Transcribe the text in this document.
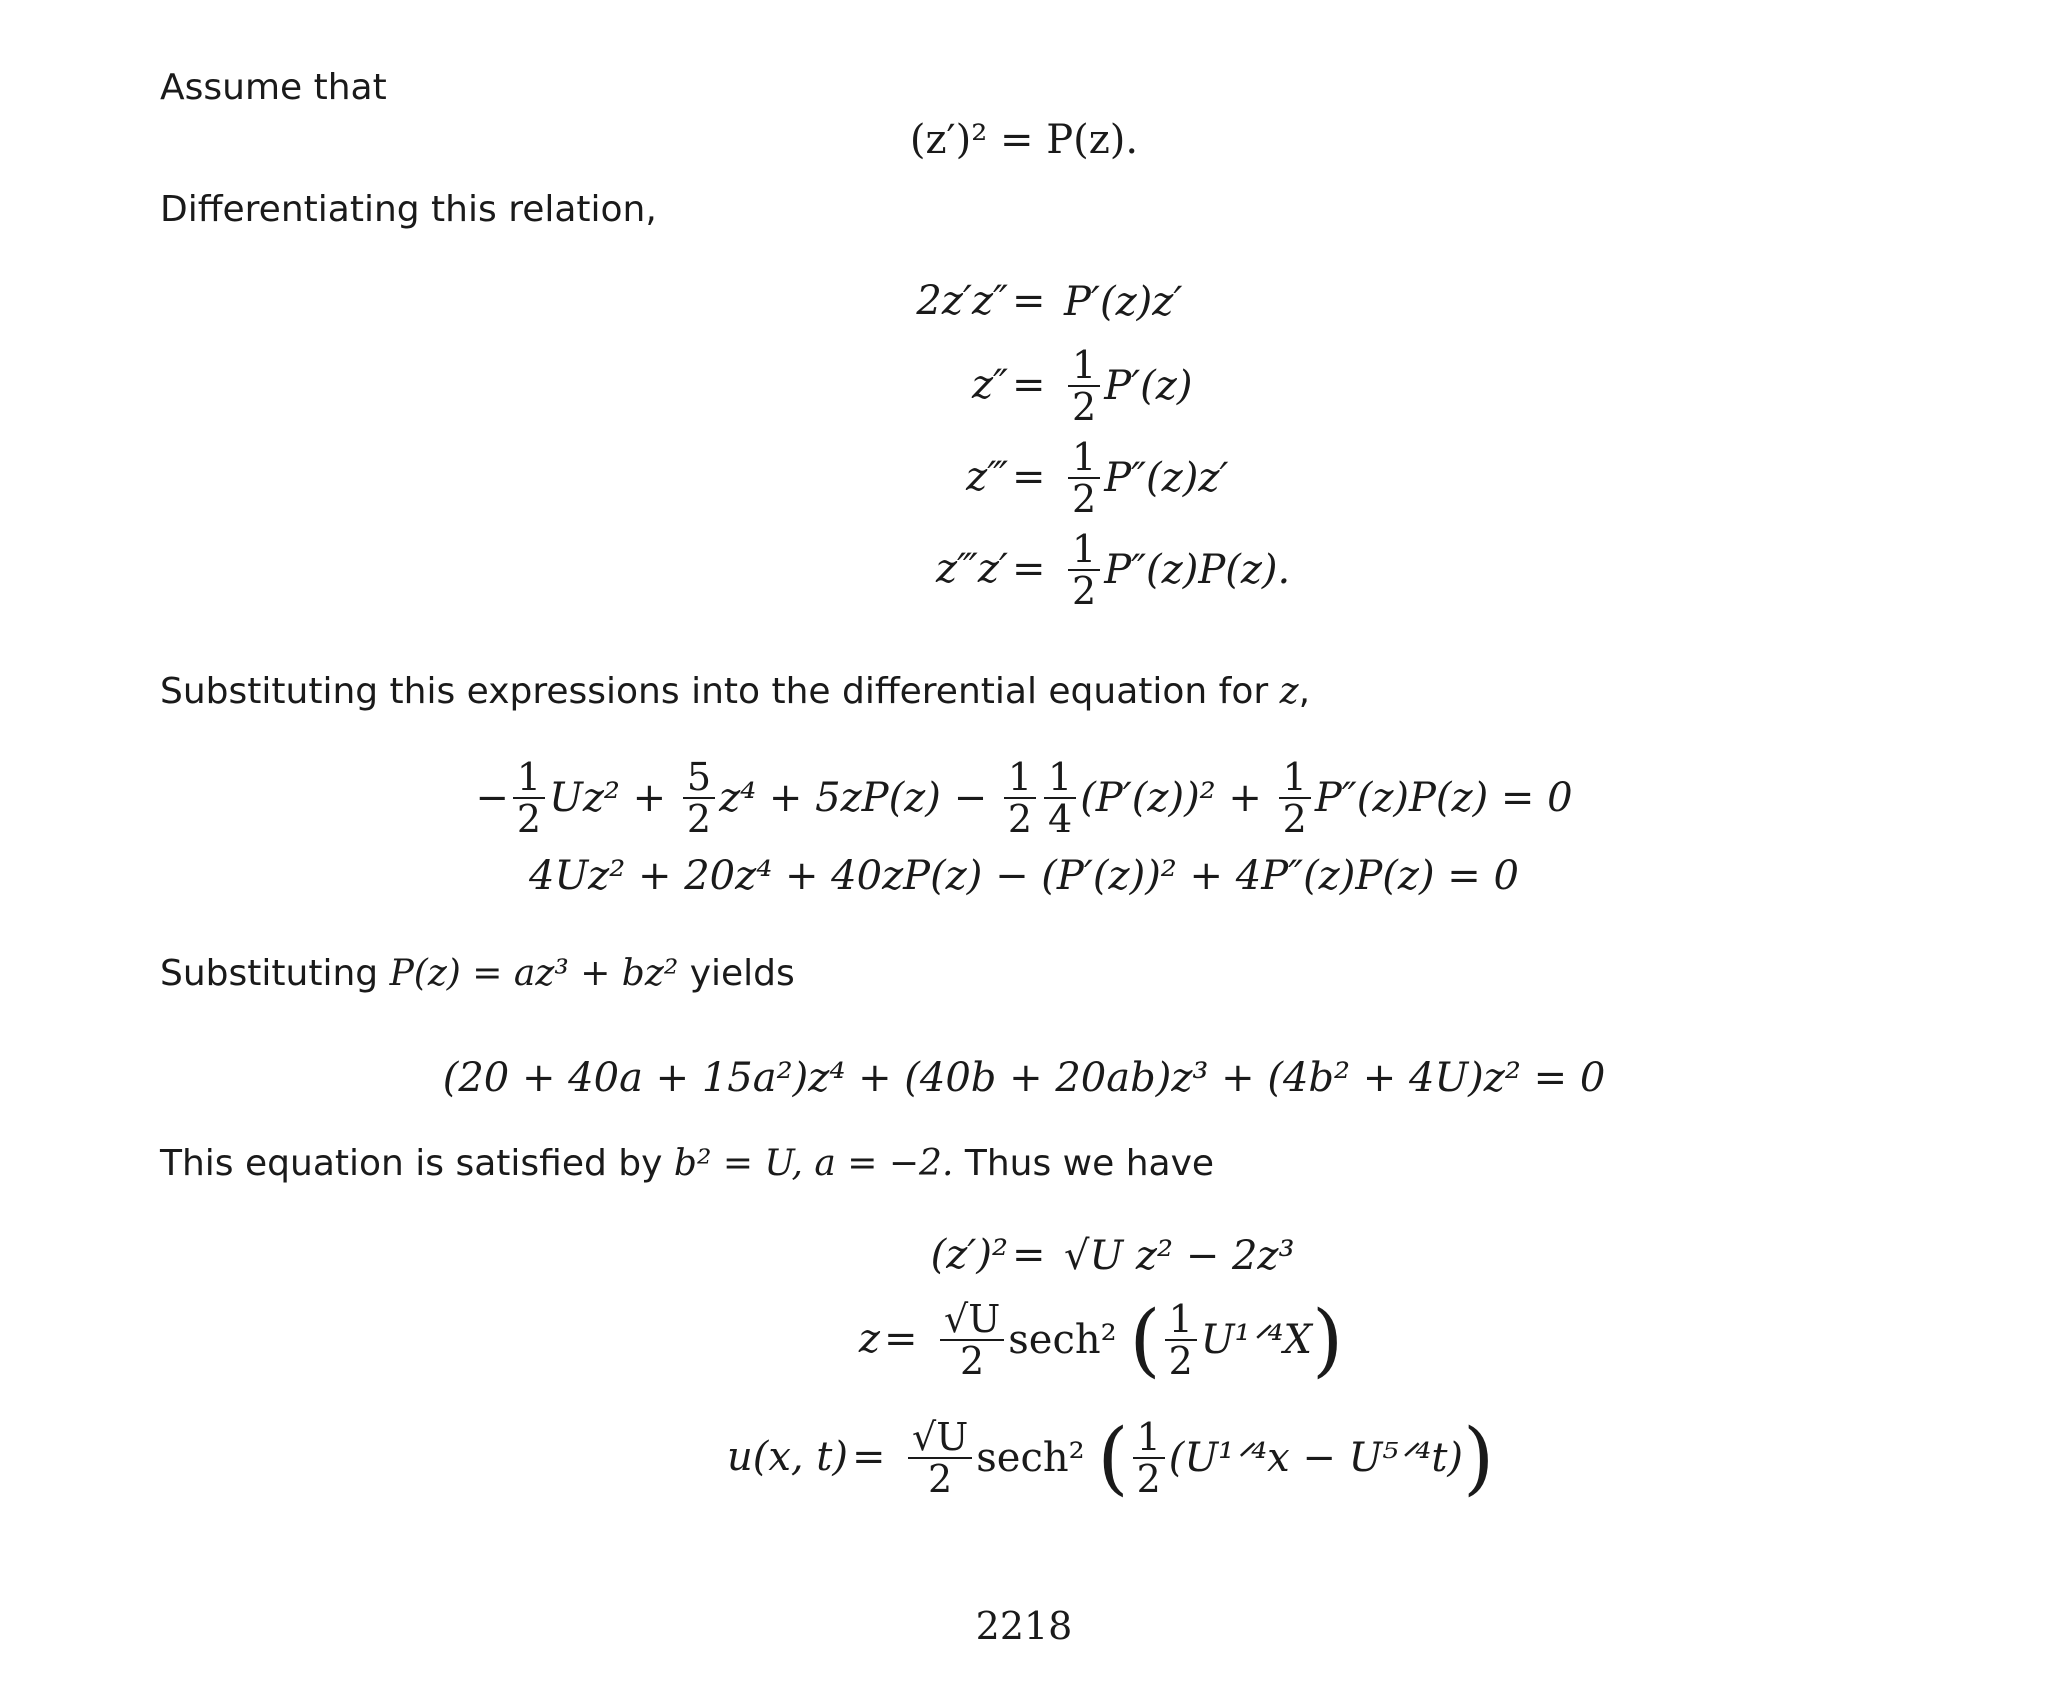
Assume that
(z′)² = P(z).
Differentiating this relation,
2z′z″ = P′(z)z′
$z'' = \frac{1}{2} P'(z)$
z‴ = $\frac{1}{2} P''(z)z'$
z‴z′ = $\frac{1}{2} P''(z)P(z)$.
Substituting this expressions into the differential equation for z,
− $\frac{1}{2} Uz^2$ +
$\frac{5}{2} z^4 + 5zP(z)$ −
$\frac{1}{2} \frac{1}{4} (P'(z))^2$ +
$\frac{1}{2} P''(z)P(z) = 0$
4Uz² + 20z⁴ + 40zP(z) − (P′(z))² + 4P″(z)P(z) = 0
Substituting P(z) = az³ + bz² yields
(20 + 40a + 15a²)z⁴ + (40b + 20ab)z³ + (4b² + 4U)z² = 0
This equation is satisfied by b² = U, a = −2. Thus we have
(z′)² = √U z² − 2z³
$z = \frac{√U}{2} \sec h^2$
( $\frac{1}{2}$ U¹ᐟ⁴X )
u(x, $t) = \frac{√U}{2} \sec h^2$
( $\frac{1}{2}$ (U¹ᐟ⁴x − U⁵ᐟ⁴t) )
2218
